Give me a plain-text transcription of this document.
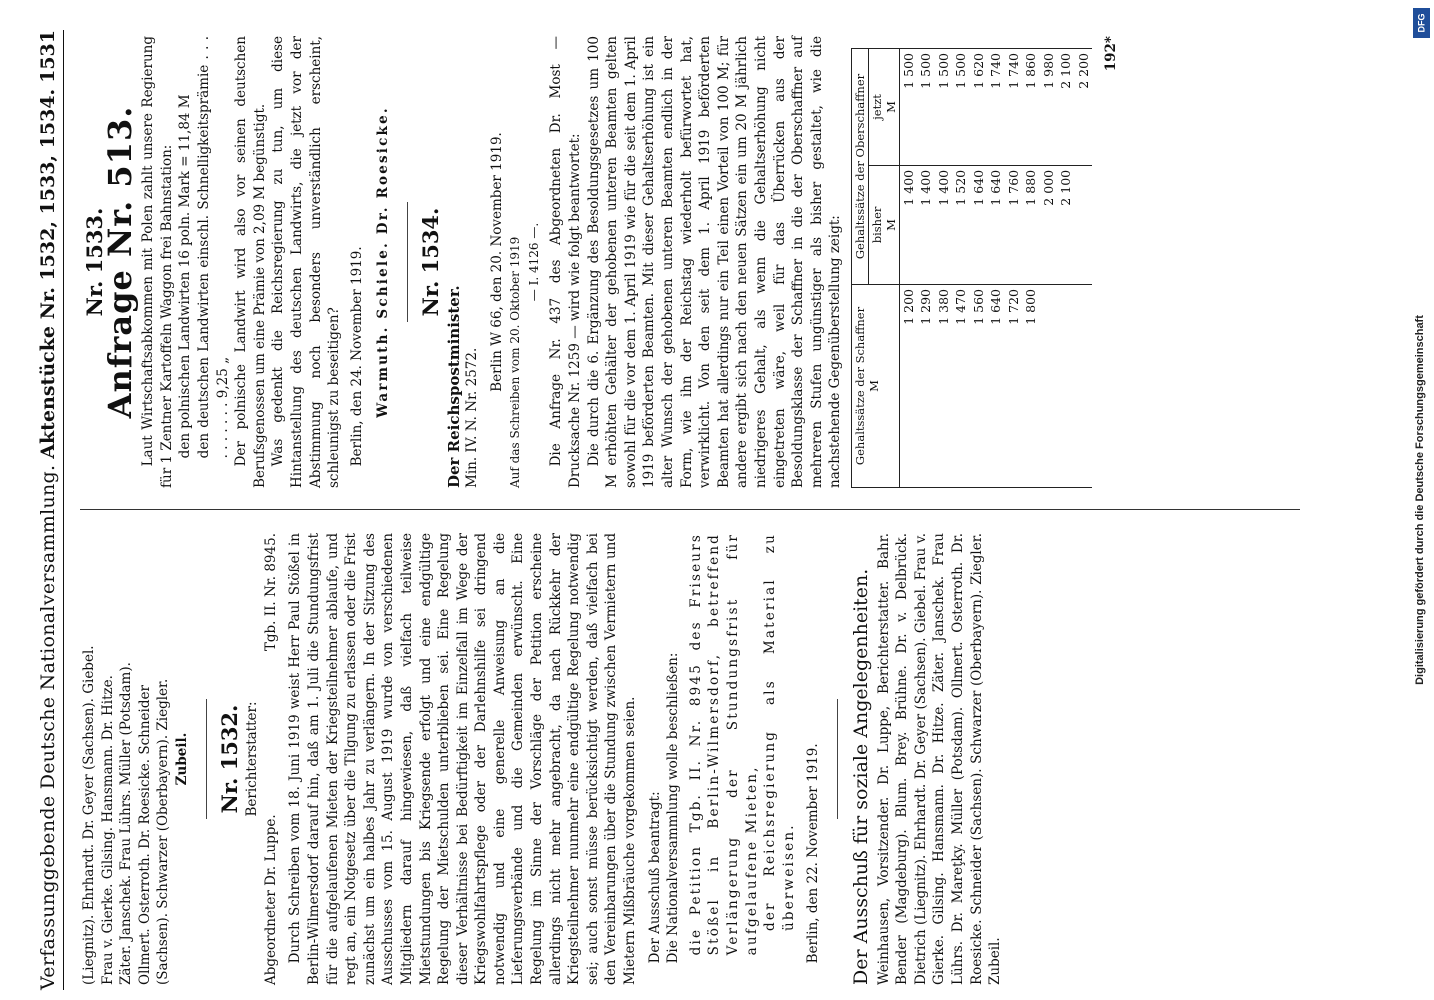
Verfassunggebende Deutsche Nationalversammlung.
Aktenstücke Nr. 1532, 1533, 1534.
1531

(Liegnitz). Ehrhardt. Dr. Geyer (Sachsen). Giebel. Frau v. Gierke. Gilsing. Hansmann. Dr. Hitze. Zäter. Janschek. Frau Lührs. Müller (Potsdam). Ollmert. Osterroth. Dr. Roesicke. Schneider (Sachsen). Schwarzer (Oberbayern). Ziegler. Zubeil. Nr. 1532. Berichterstatter:

Abgeordneter Dr. Luppe.
Tgb. II. Nr. 8945. Durch Schreiben vom 18. Juni 1919 weist Herr Paul Stößel in Berlin-Wilmersdorf darauf hin, daß am 1. Juli die Stundungsfrist für die aufgelaufenen Mieten der Kriegsteilnehmer ablaufe, und regt an, ein Notgesetz über die Tilgung zu erlassen oder die Frist zunächst um ein halbes Jahr zu verlängern. In der Sitzung des Ausschusses vom 15. August 1919 wurde von verschiedenen Mitgliedern darauf hingewiesen, daß vielfach teilweise Mietstundungen bis Kriegsende erfolgt und eine endgültige Regelung der Mietschulden unterblieben sei. Eine Regelung dieser Verhältnisse bei Bedürftigkeit im Einzelfall im Wege der Kriegswohlfahrtspflege oder der Darlehnshilfe sei dringend notwendig und eine generelle Anweisung an die Lieferungsverbände und die Gemeinden erwünscht. Eine Regelung im Sinne der Vorschläge der Petition erscheine allerdings nicht mehr angebracht, da nach Rückkehr der Kriegsteilnehmer nunmehr eine endgültige Regelung notwendig sei; auch sonst müsse berücksichtigt werden, daß vielfach bei den Vereinbarungen über die Stundung zwischen Vermietern und Mietern Mißbräuche vorgekommen seien. Der Ausschuß beantragt: Die Nationalversammlung wolle beschließen: die Petition Tgb. II. Nr. 8945 des Friseurs Stößel in Berlin-Wilmersdorf, betreffend Verlängerung der Stundungsfrist für aufgelaufene Mieten, der Reichsregierung als Material zu überweisen. Berlin, den 22. November 1919. Der Ausschuß für soziale Angelegenheiten. Weinhausen, Vorsitzender. Dr. Luppe, Berichterstatter. Bahr. Bender (Magdeburg). Blum. Brey. Brühne. Dr. v. Delbrück. Dietrich (Liegnitz). Ehrhardt. Dr. Geyer (Sachsen). Giebel. Frau v. Gierke. Gilsing. Hansmann. Dr. Hitze. Zäter. Janschek. Frau Lührs. Dr. Mareţky. Müller (Potsdam). Ollmert. Osterroth. Dr. Roesicke. Schneider (Sachsen). Schwarzer (Oberbayern). Ziegler. Zubeil.

Nr. 1533.
Anfrage Nr. 513. Laut Wirtschaftsabkommen mit Polen zahlt unsere Regierung für 1 Zentner Kartoffeln Waggon frei Bahnstation: den polnischen Landwirten 16 poln. Mark = 11,84 M den deutschen Landwirten einschl. Schnelligkeitsprämie . . . . . . . . . . 9,25 „ Der polnische Landwirt wird also vor seinen deutschen Berufsgenossen um eine Prämie von 2,09 M begünstigt. Was gedenkt die Reichsregierung zu tun, um diese Hintanstellung des deutschen Landwirts, die jetzt vor der Abstimmung noch besonders unverständlich erscheint, schleunigst zu beseitigen? Berlin, den 24. November 1919. Warmuth. Schiele. Dr. Roesicke. Nr. 1534.

Der Reichspostminister. Min. IV. N. Nr. 2572.

Berlin W 66, den 20. November 1919. Auf das Schreiben vom 20. Oktober 1919 — I. 4126 —. Die Anfrage Nr. 437 des Abgeordneten Dr. Most — Drucksache Nr. 1259 — wird wie folgt beantwortet: Die durch die 6. Ergänzung des Besoldungsgesetzes um 100 M erhöhten Gehälter der gehobenen unteren Beamten gelten sowohl für die vor dem 1. April 1919 wie für die seit dem 1. April 1919 beförderten Beamten. Mit dieser Gehaltserhöhung ist ein alter Wunsch der gehobenen unteren Beamten endlich in der Form, wie ihn der Reichstag wiederholt befürwortet hat, verwirklicht. Von den seit dem 1. April 1919 beförderten Beamten hat allerdings nur ein Teil einen Vorteil von 100 M; für andere ergibt sich nach den neuen Sätzen ein um 20 M jährlich niedrigeres Gehalt, als wenn die Gehaltserhöhung nicht eingetreten wäre, weil für das Überrücken aus der Besoldungsklasse der Schaffner in die der Oberschaffner auf mehreren Stufen ungünstiger als bisher gestaltet, wie die nachstehende Gegenüberstellung zeigt: Gehaltssätze der Schaffner
M	Gehaltssätze der Oberschaffner	
	bisher
M	jetzt
M
1 200	1 400	1 500
1 290	1 400	1 500
1 380	1 400	1 500
1 470	1 520	1 500
1 560	1 640	1 620
1 640	1 640	1 740
1 720	1 760	1 740
1 800	1 880	1 860
	2 000	1 980
	2 100	2 100
		2 200 192*

DFG
Digitalisierung gefördert durch die Deutsche Forschungsgemeinschaft
